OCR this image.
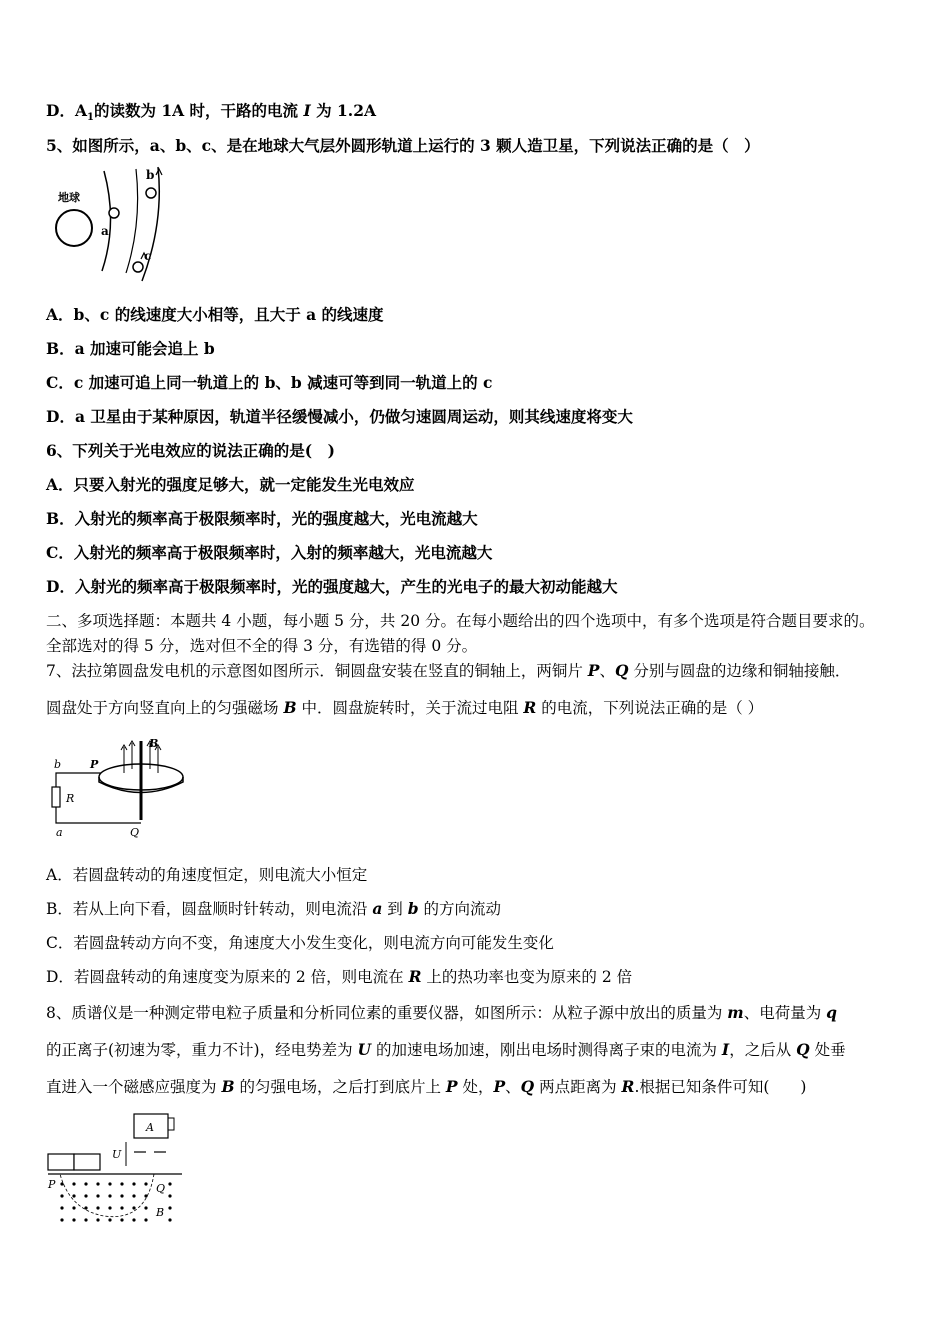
D．$A_1$的读数为 1A 时，干路的电流 I 为 1.2A
5、如图所示，a、b、c、是在地球大气层外圆形轨道上运行的 3 颗人造卫星，下列说法正确的是（　）
地球
a
b
c
A．b、c 的线速度大小相等，且大于 a 的线速度
B．a 加速可能会追上 b
C．c 加速可追上同一轨道上的 b、b 减速可等到同一轨道上的 c
D．a 卫星由于某种原因，轨道半径缓慢减小，仍做匀速圆周运动，则其线速度将变大
6、下列关于光电效应的说法正确的是(　)
A．只要入射光的强度足够大，就一定能发生光电效应
B．入射光的频率高于极限频率时，光的强度越大，光电流越大
C．入射光的频率高于极限频率时，入射的频率越大，光电流越大
D．入射光的频率高于极限频率时，光的强度越大，产生的光电子的最大初动能越大
二、多项选择题：本题共 4 小题，每小题 5 分，共 20 分。在每小题给出的四个选项中，有多个选项是符合题目要求的。
全部选对的得 5 分，选对但不全的得 3 分，有选错的得 0 分。
7、法拉第圆盘发电机的示意图如图所示．铜圆盘安装在竖直的铜轴上，两铜片 P、Q 分别与圆盘的边缘和铜轴接触．
圆盘处于方向竖直向上的匀强磁场 B 中．圆盘旋转时，关于流过电阻 R 的电流，下列说法正确的是（ ）
B
b	P
R
a	Q
A．若圆盘转动的角速度恒定，则电流大小恒定
B．若从上向下看，圆盘顺时针转动，则电流沿 a 到 b 的方向流动
C．若圆盘转动方向不变，角速度大小发生变化，则电流方向可能发生变化
D．若圆盘转动的角速度变为原来的 2 倍，则电流在 R 上的热功率也变为原来的 2 倍
8、质谱仪是一种测定带电粒子质量和分析同位素的重要仪器，如图所示：从粒子源中放出的质量为 m、电荷量为 q
的正离子(初速为零，重力不计)，经电势差为 U 的加速电场加速，刚出电场时测得离子束的电流为 I，之后从 Q 处垂
直进入一个磁感应强度为 B 的匀强电场，之后打到底片上 P 处，P、Q 两点距离为 R.根据已知条件可知(　　)
A
U
P	Q
B
